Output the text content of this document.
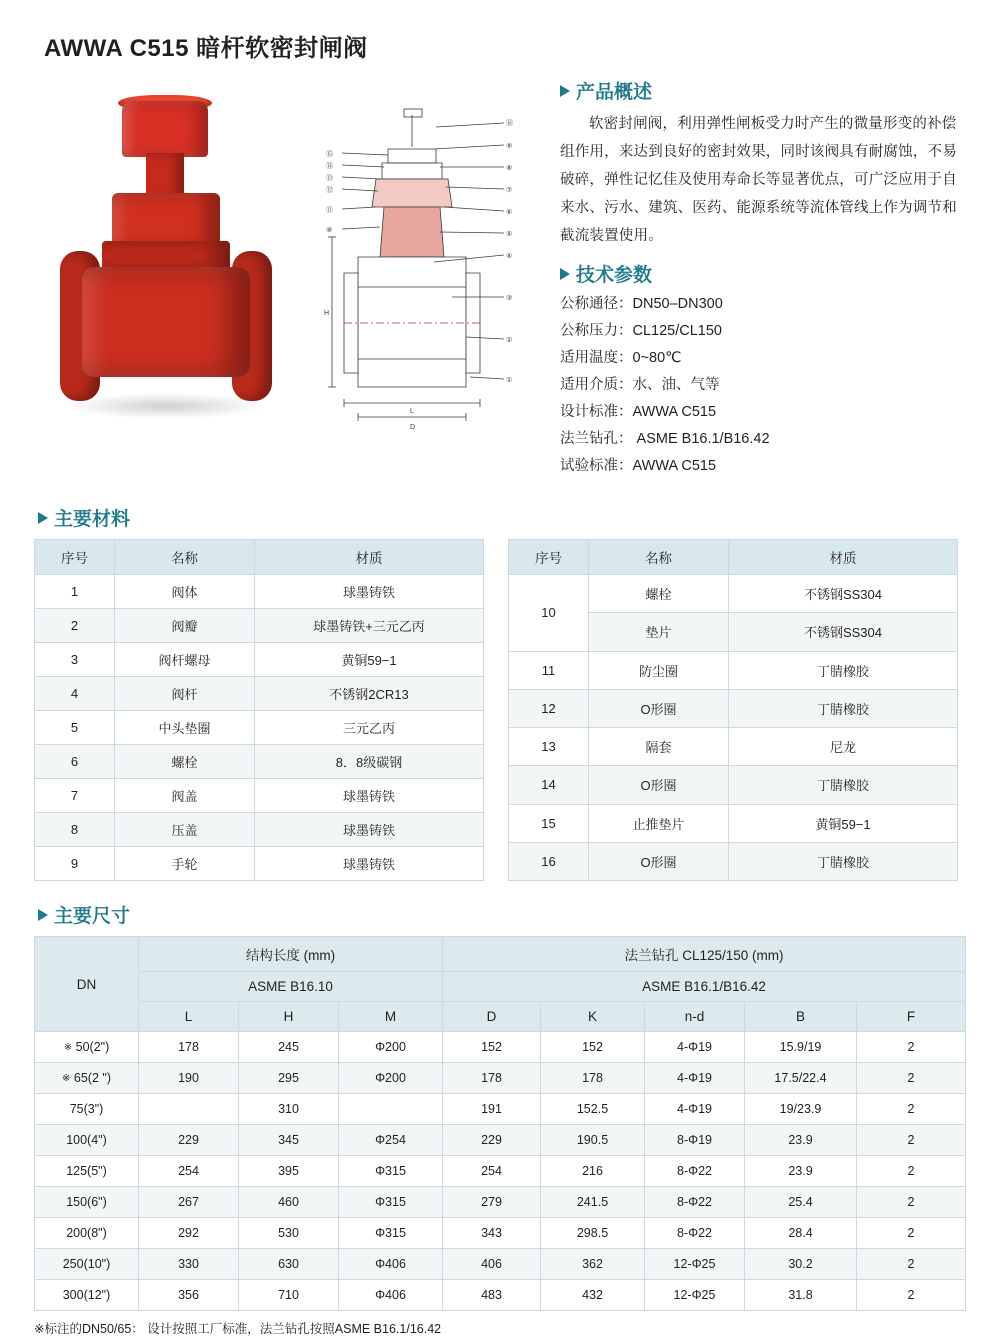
AWWA C515 暗杆软密封闸阀
⑯
⑨
⑧
⑦
⑥
⑤
④
③
②
①
⑮
⑭
⑬
⑫
⑪
⑩
H
L
D
产品概述
软密封闸阀，利用弹性闸板受力时产生的微量形变的补偿组作用，来达到良好的密封效果，同时该阀具有耐腐蚀，不易破碎，弹性记忆佳及使用寿命长等显著优点，可广泛应用于自来水、污水、建筑、医药、能源系统等流体管线上作为调节和截流装置使用。
技术参数
公称通径：DN50–DN300
公称压力：CL125/CL150
适用温度：0~80℃
适用介质：水、油、气等
设计标准：AWWA C515
法兰钻孔： ASME B16.1/B16.42
试验标准：AWWA C515
主要材料
序号	名称	材质
1	阀体	球墨铸铁
2	阀瓣	球墨铸铁+三元乙丙
3	阀杆螺母	黄铜59−1
4	阀杆	不锈钢2CR13
5	中头垫圈	三元乙丙
6	螺栓	8．8级碳钢
7	阀盖	球墨铸铁
8	压盖	球墨铸铁
9	手轮	球墨铸铁
序号	名称	材质
10	螺栓	不锈钢SS304
	垫片	不锈钢SS304
11	防尘圈	丁腈橡胶
12	O形圈	丁腈橡胶
13	隔套	尼龙
14	O形圈	丁腈橡胶
15	止推垫片	黄铜59−1
16	O形圈	丁腈橡胶
主要尺寸
DN	结构长度 (mm)			法兰钻孔 CL125/150 (mm)				
	ASME B16.10			ASME B16.1/B16.42				
	L	H	M	D	K	n-d	B	F
※ 50(2")	178	245	Φ200	152	152	4-Φ19	15.9/19	2
※ 65(2 ")	190	295	Φ200	178	178	4-Φ19	17.5/22.4	2
75(3")		310		191	152.5	4-Φ19	19/23.9	2
100(4")	229	345	Φ254	229	190.5	8-Φ19	23.9	2
125(5")	254	395	Φ315	254	216	8-Φ22	23.9	2
150(6")	267	460	Φ315	279	241.5	8-Φ22	25.4	2
200(8")	292	530	Φ315	343	298.5	8-Φ22	28.4	2
250(10")	330	630	Φ406	406	362	12-Φ25	30.2	2
300(12")	356	710	Φ406	483	432	12-Φ25	31.8	2
※标注的DN50/65： 设计按照工厂标准，法兰钻孔按照ASME B16.1/16.42
